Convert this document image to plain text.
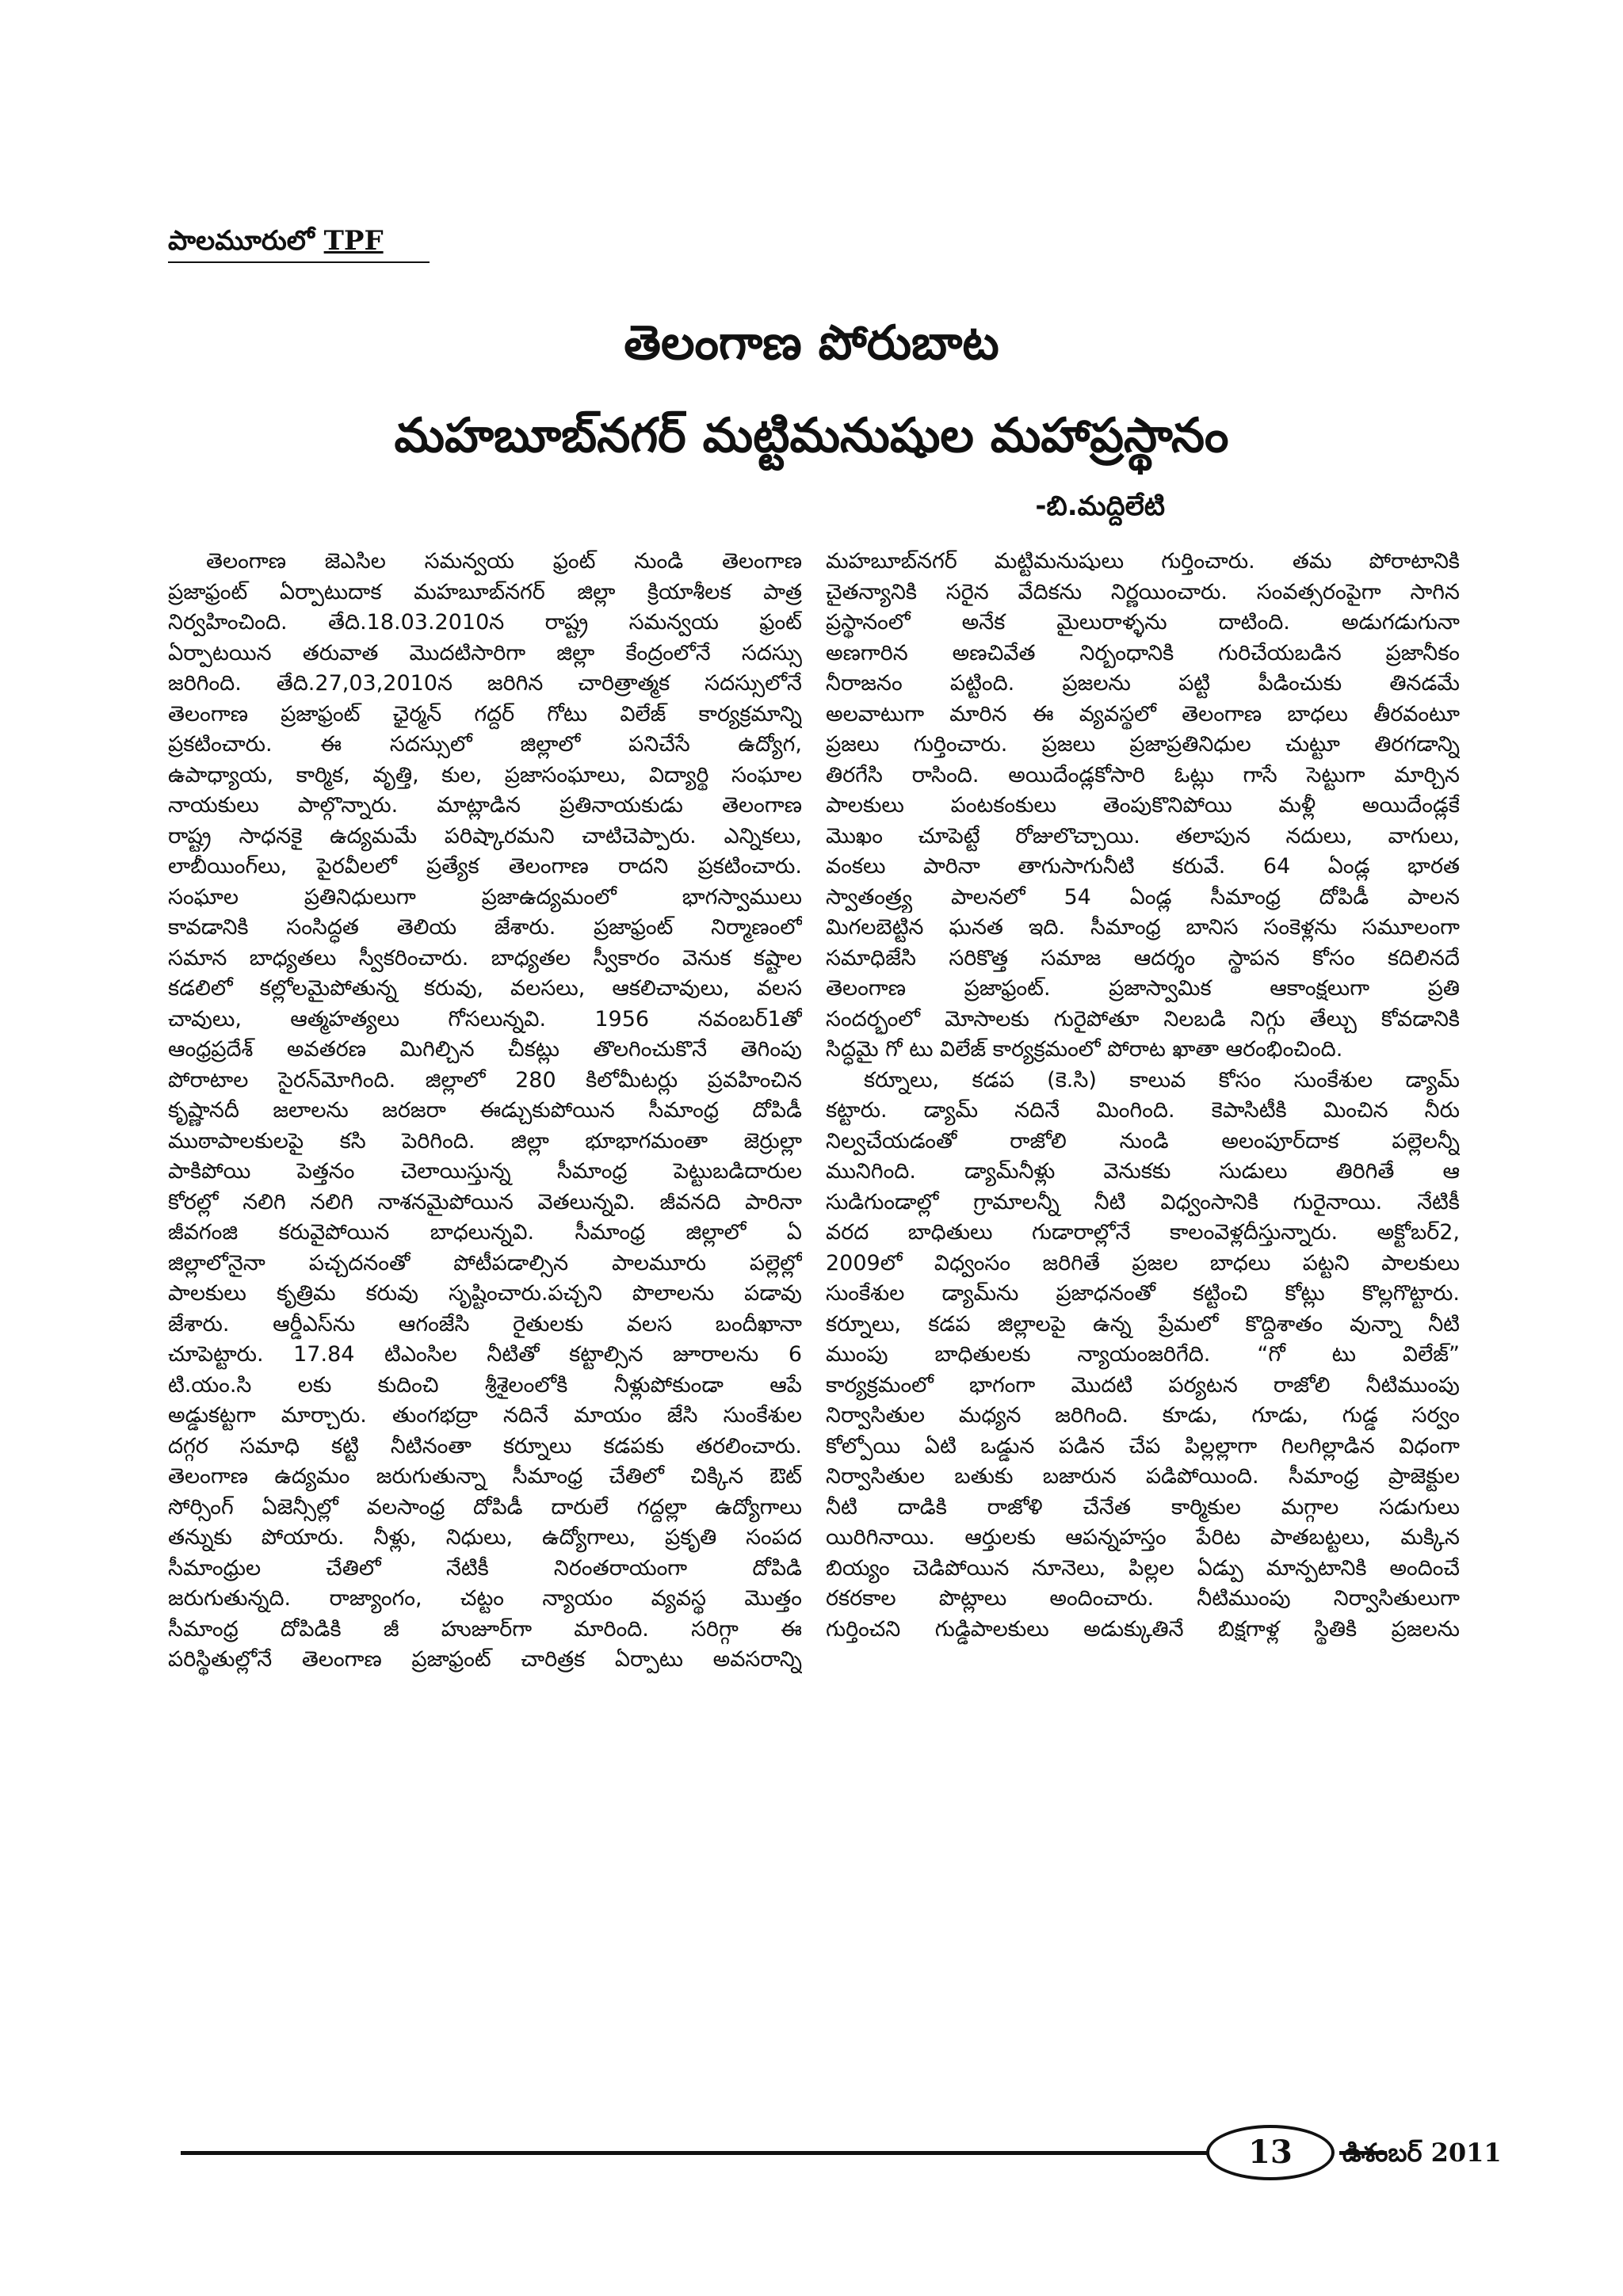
పాలమూరులో TPF
తెలంగాణ పోరుబాట
మహబూబ్‌నగర్ మట్టిమనుషుల మహాప్రస్థానం
-బి.మద్దిలేటి
తెలంగాణ జెఎసిల సమన్వయ ఫ్రంట్ నుండి తెలంగాణ
ప్రజాఫ్రంట్ ఏర్పాటుదాక మహబూబ్‌నగర్ జిల్లా క్రియాశీలక పాత్ర
నిర్వహించింది. తేది.18.03.2010న రాష్ట్ర సమన్వయ ఫ్రంట్
ఏర్పాటయిన తరువాత మొదటిసారిగా జిల్లా కేంద్రంలోనే సదస్సు
జరిగింది. తేది.27,03,2010న జరిగిన చారిత్రాత్మక సదస్సులోనే
తెలంగాణ ప్రజాఫ్రంట్ ఛైర్మన్ గద్దర్ గోటు విలేజ్ కార్యక్రమాన్ని
ప్రకటించారు. ఈ సదస్సులో జిల్లాలో పనిచేసే ఉద్యోగ,
ఉపాధ్యాయ, కార్మిక, వృత్తి, కుల, ప్రజాసంఘాలు, విద్యార్థి సంఘాల
నాయకులు పాల్గొన్నారు. మాట్లాడిన ప్రతినాయకుడు తెలంగాణ
రాష్ట్ర సాధనకై ఉద్యమమే పరిష్కారమని చాటిచెప్పారు. ఎన్నికలు,
లాబీయింగ్‌లు, పైరవీలలో ప్రత్యేక తెలంగాణ రాదని ప్రకటించారు.
సంఘాల ప్రతినిధులుగా ప్రజాఉద్యమంలో భాగస్వాములు
కావడానికి సంసిద్ధత తెలియ జేశారు. ప్రజాఫ్రంట్ నిర్మాణంలో
సమాన బాధ్యతలు స్వీకరించారు. బాధ్యతల స్వీకారం వెనుక కష్టాల
కడలిలో కల్లోలమైపోతున్న కరువు, వలసలు, ఆకలిచావులు, వలస
చావులు, ఆత్మహత్యలు గోసలున్నవి. 1956 నవంబర్1తో
ఆంధ్రప్రదేశ్ అవతరణ మిగిల్చిన చీకట్లు తొలగించుకొనే తెగింపు
పోరాటాల సైరన్‌మోగింది. జిల్లాలో 280 కిలోమీటర్లు ప్రవహించిన
కృష్ణానదీ జలాలను జరజరా ఈడ్చుకుపోయిన సీమాంధ్ర దోపిడీ
ముఠాపాలకులపై కసి పెరిగింది. జిల్లా భూభాగమంతా జెర్రుల్లా
పాకిపోయి పెత్తనం చెలాయిస్తున్న సీమాంధ్ర పెట్టుబడిదారుల
కోరల్లో నలిగి నలిగి నాశనమైపోయిన వెతలున్నవి. జీవనది పారినా
జీవగంజి కరువైపోయిన బాధలున్నవి. సీమాంధ్ర జిల్లాలో ఏ
జిల్లాలోనైనా పచ్చదనంతో పోటీపడాల్సిన పాలమూరు పల్లెల్లో
పాలకులు కృత్రిమ కరువు సృష్టించారు.పచ్చని పొలాలను పడావు
జేశారు. ఆర్డీఎస్‌ను ఆగంజేసి రైతులకు వలస బందీఖానా
చూపెట్టారు. 17.84 టిఎంసిల నీటితో కట్టాల్సిన జూరాలను 6
టి.యం.సి లకు కుదించి శ్రీశైలంలోకి నీళ్లుపోకుండా ఆపే
అడ్డుకట్టగా మార్చారు. తుంగభద్రా నదినే మాయం జేసి సుంకేశుల
దగ్గర సమాధి కట్టి నీటినంతా కర్నూలు కడపకు తరలించారు.
తెలంగాణ ఉద్యమం జరుగుతున్నా సీమాంధ్ర చేతిలో చిక్కిన ఔట్
సోర్సింగ్ ఏజెన్సీల్లో వలసాంధ్ర దోపిడీ దారులే గద్దల్లా ఉద్యోగాలు
తన్నుకు పోయారు. నీళ్లు, నిధులు, ఉద్యోగాలు, ప్రకృతి సంపద
సీమాంధ్రుల చేతిలో నేటికీ నిరంతరాయంగా దోపిడి
జరుగుతున్నది. రాజ్యాంగం, చట్టం న్యాయం వ్యవస్థ మొత్తం
సీమాంధ్ర దోపిడికి జీ హుజూర్‌గా మారింది. సరిగ్గా ఈ
పరిస్థితుల్లోనే తెలంగాణ ప్రజాఫ్రంట్ చారిత్రక ఏర్పాటు అవసరాన్ని
మహబూబ్‌నగర్ మట్టిమనుషులు గుర్తించారు. తమ పోరాటానికి
చైతన్యానికి సరైన వేదికను నిర్ణయించారు. సంవత్సరంపైగా సాగిన
ప్రస్థానంలో అనేక మైలురాళ్ళను దాటింది. అడుగడుగునా
అణగారిన అణచివేత నిర్బంధానికి గురిచేయబడిన ప్రజానీకం
నీరాజనం పట్టింది. ప్రజలను పట్టి పీడించుకు తినడమే
అలవాటుగా మారిన ఈ వ్యవస్థలో తెలంగాణ బాధలు తీరవంటూ
ప్రజలు గుర్తించారు. ప్రజలు ప్రజాప్రతినిధుల చుట్టూ తిరగడాన్ని
తిరగేసి రాసింది. అయిదేండ్లకోసారి ఓట్లు గాసే సెట్టుగా మార్చిన
పాలకులు పంటకంకులు తెంపుకొనిపోయి మళ్లీ అయిదేండ్లకే
మొఖం చూపెట్టే రోజులొచ్చాయి. తలాపున నదులు, వాగులు,
వంకలు పారినా తాగుసాగునీటి కరువే. 64 ఏండ్ల భారత
స్వాతంత్ర్య పాలనలో 54 ఏండ్ల సీమాంధ్ర దోపిడీ పాలన
మిగలబెట్టిన ఘనత ఇది. సీమాంధ్ర బానిస సంకెళ్లను సమూలంగా
సమాధిజేసి సరికొత్త సమాజ ఆదర్శం స్థాపన కోసం కదిలినదే
తెలంగాణ ప్రజాఫ్రంట్. ప్రజాస్వామిక ఆకాంక్షలుగా ప్రతి
సందర్భంలో మోసాలకు గురైపోతూ నిలబడి నిగ్గు తేల్చు కోవడానికి
సిద్ధమై గో టు విలేజ్ కార్యక్రమంలో పోరాట ఖాతా ఆరంభించింది.
కర్నూలు, కడప (కె.సి) కాలువ కోసం సుంకేశుల డ్యామ్
కట్టారు. డ్యామ్ నదినే మింగింది. కెపాసిటీకి మించిన నీరు
నిల్వచేయడంతో రాజోలి నుండి అలంపూర్‌దాక పల్లెలన్నీ
మునిగింది. డ్యామ్‌నీళ్లు వెనుకకు సుడులు తిరిగితే ఆ
సుడిగుండాల్లో గ్రామాలన్నీ నీటి విధ్వంసానికి గురైనాయి. నేటికీ
వరద బాధితులు గుడారాల్లోనే కాలంవెళ్లదీస్తున్నారు. అక్టోబర్2,
2009లో విధ్వంసం జరిగితే ప్రజల బాధలు పట్టని పాలకులు
సుంకేశుల డ్యామ్‌ను ప్రజాధనంతో కట్టించి కోట్లు కొల్లగొట్టారు.
కర్నూలు, కడప జిల్లాలపై ఉన్న ప్రేమలో కొద్దిశాతం వున్నా నీటి
ముంపు బాధితులకు న్యాయంజరిగేది. “గో టు విలేజ్”
కార్యక్రమంలో భాగంగా మొదటి పర్యటన రాజోలి నీటిముంపు
నిర్వాసితుల మధ్యన జరిగింది. కూడు, గూడు, గుడ్డ సర్వం
కోల్పోయి ఏటి ఒడ్డున పడిన చేప పిల్లల్లాగా గిలగిల్లాడిన విధంగా
నిర్వాసితుల బతుకు బజారున పడిపోయింది. సీమాంధ్ర ప్రాజెక్టుల
నీటి దాడికి రాజోళి చేనేత కార్మికుల మగ్గాల సడుగులు
యిరిగినాయి. ఆర్తులకు ఆపన్నహస్తం పేరిట పాతబట్టలు, మక్కిన
బియ్యం చెడిపోయిన నూనెలు, పిల్లల ఏడ్పు మాన్పటానికి అందించే
రకరకాల పొట్లాలు అందించారు. నీటిముంపు నిర్వాసితులుగా
గుర్తించని గుడ్డిపాలకులు అడుక్కుతినే బిక్షగాళ్ల స్థితికి ప్రజలను
13	డిశంబర్ 2011
